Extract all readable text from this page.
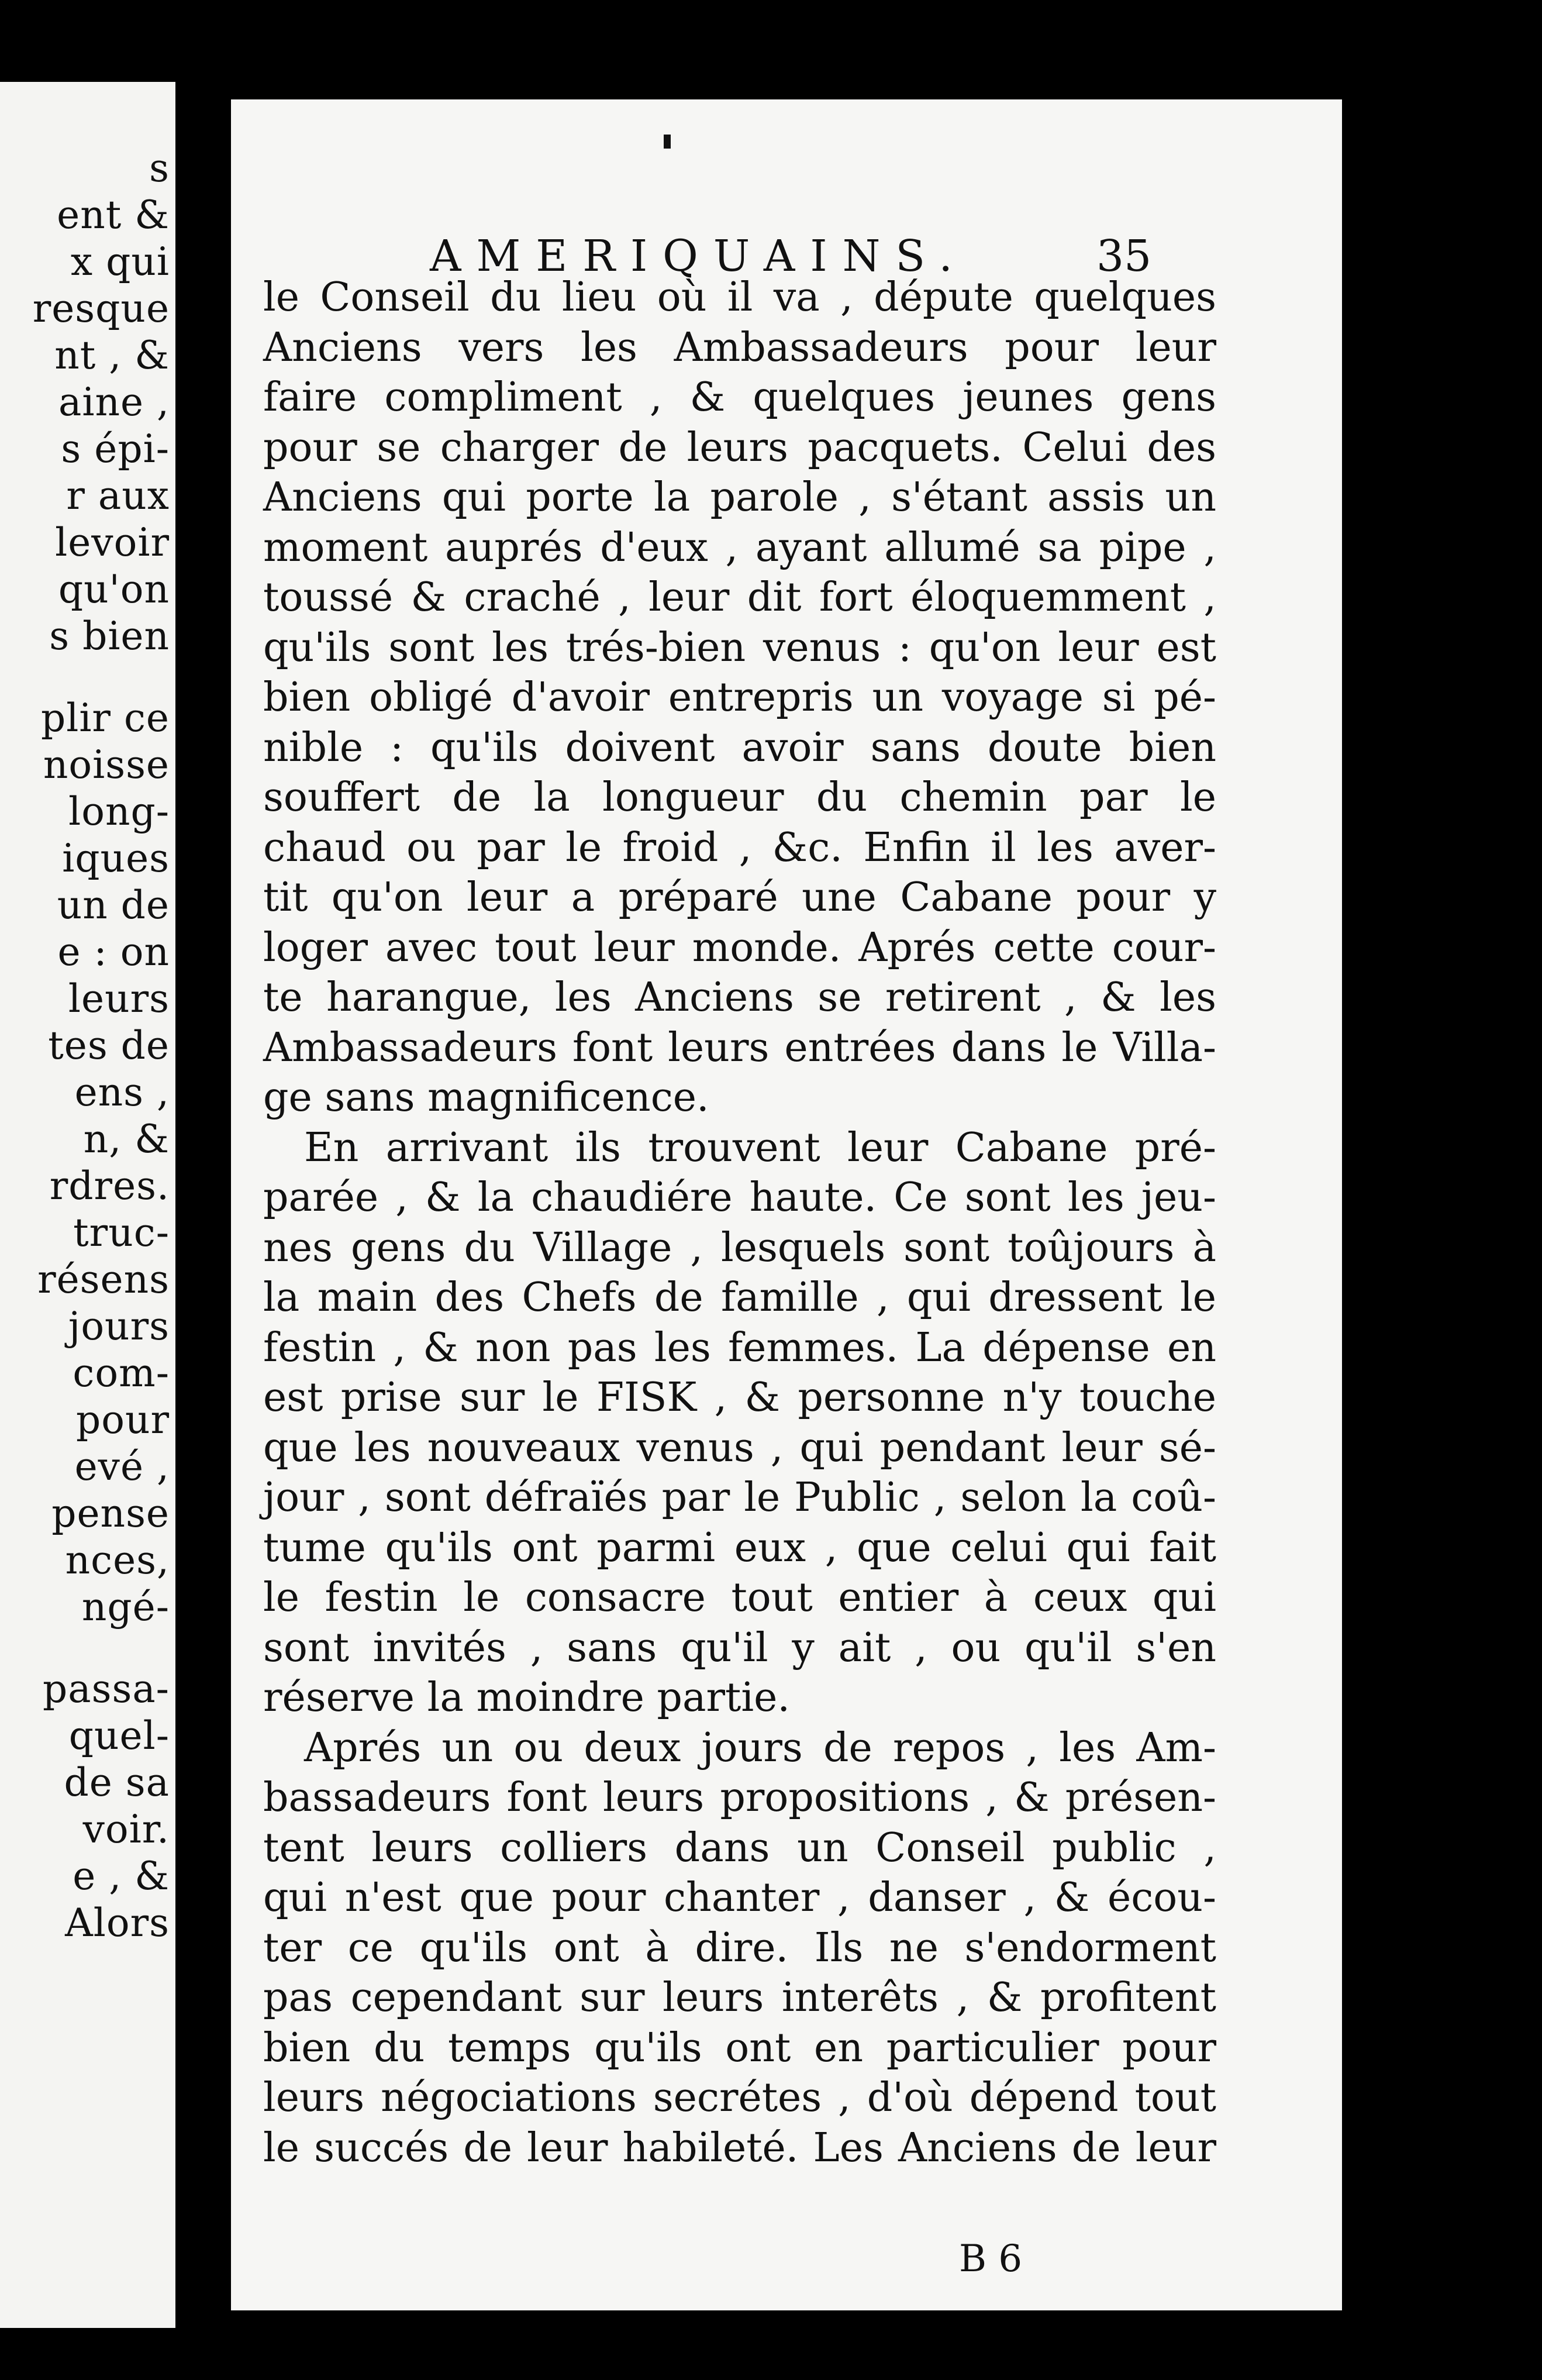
s
ent &
x qui
resque
nt , &
aine ,
s épi-
r aux
levoir
qu'on
s bien
plir ce
noisse
long-
iques
un de
e : on
leurs
tes de
ens ,
n, &
rdres.
truc-
résens
jours
com-
pour
evé ,
pense
nces,
ngé-
passa-
quel-
de sa
voir.
e , &
Alors
AMERIQUAINS.	35
le Conseil du lieu où il va , députe quelques
Anciens vers les Ambassadeurs pour leur
faire compliment , & quelques jeunes gens
pour se charger de leurs pacquets. Celui des
Anciens qui porte la parole , s'étant assis un
moment auprés d'eux , ayant allumé sa pipe ,
toussé & craché , leur dit fort éloquemment ,
qu'ils sont les trés-bien venus : qu'on leur est
bien obligé d'avoir entrepris un voyage si pé-
nible : qu'ils doivent avoir sans doute bien
souffert de la longueur du chemin par le
chaud ou par le froid , &c. Enfin il les aver-
tit qu'on leur a préparé une Cabane pour y
loger avec tout leur monde. Aprés cette cour-
te harangue, les Anciens se retirent , & les
Ambassadeurs font leurs entrées dans le Villa-
ge sans magnificence.
En arrivant ils trouvent leur Cabane pré-
parée , & la chaudiére haute. Ce sont les jeu-
nes gens du Village , lesquels sont toûjours à
la main des Chefs de famille , qui dressent le
festin , & non pas les femmes. La dépense en
est prise sur le FISK , & personne n'y touche
que les nouveaux venus , qui pendant leur sé-
jour , sont défraïés par le Public , selon la coû-
tume qu'ils ont parmi eux , que celui qui fait
le festin le consacre tout entier à ceux qui
sont invités , sans qu'il y ait , ou qu'il s'en
réserve la moindre partie.
Aprés un ou deux jours de repos , les Am-
bassadeurs font leurs propositions , & présen-
tent leurs colliers dans un Conseil public ,
qui n'est que pour chanter , danser , & écou-
ter ce qu'ils ont à dire. Ils ne s'endorment
pas cependant sur leurs interêts , & profitent
bien du temps qu'ils ont en particulier pour
leurs négociations secrétes , d'où dépend tout
le succés de leur habileté. Les Anciens de leur
B 6
